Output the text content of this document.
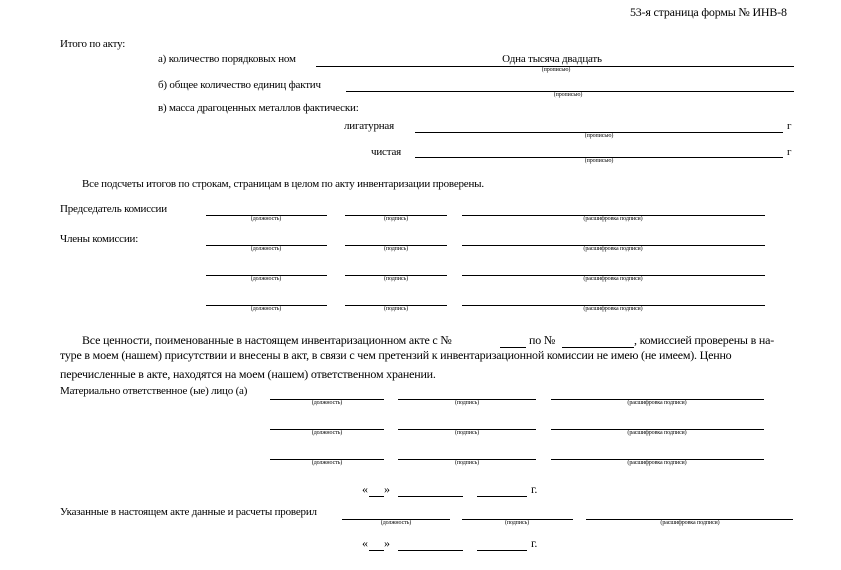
53-я страница формы № ИНВ-8
Итого по акту:
а) количество порядковых ном	Одна тысяча двадцать
(прописью)
б) общее количество единиц фактич
(прописью)
в) масса драгоценных металлов фактически:
лигатурная	г
(прописью)
чистая	г
(прописью)
Все подсчеты итогов по строкам, страницам в целом по акту инвентаризации проверены.
Председатель комиссии
(должность)	(подпись)	(расшифровка подписи)
Члены комиссии:
(должность)	(подпись)	(расшифровка подписи)
(должность)	(подпись)	(расшифровка подписи)
(должность)	(подпись)	(расшифровка подписи)
Все ценности, поименованные в настоящем инвентаризационном акте с №	по №	, комиссией проверены в на-
туре в моем (нашем) присутствии и внесены в акт, в связи с чем претензий к инвентаризационной комиссии не имею (не имеем). Ценно
перечисленные в акте, находятся на моем (нашем) ответственном хранении.
Материально ответственное (ые) лицо (а)
(должность)	(подпись)	(расшифровка подписи)
(должность)	(подпись)	(расшифровка подписи)
(должность)	(подпись)	(расшифровка подписи)
« »	г.
Указанные в настоящем акте данные и расчеты проверил
(должность)	(подпись)	(расшифровка подписи)
« »	г.
